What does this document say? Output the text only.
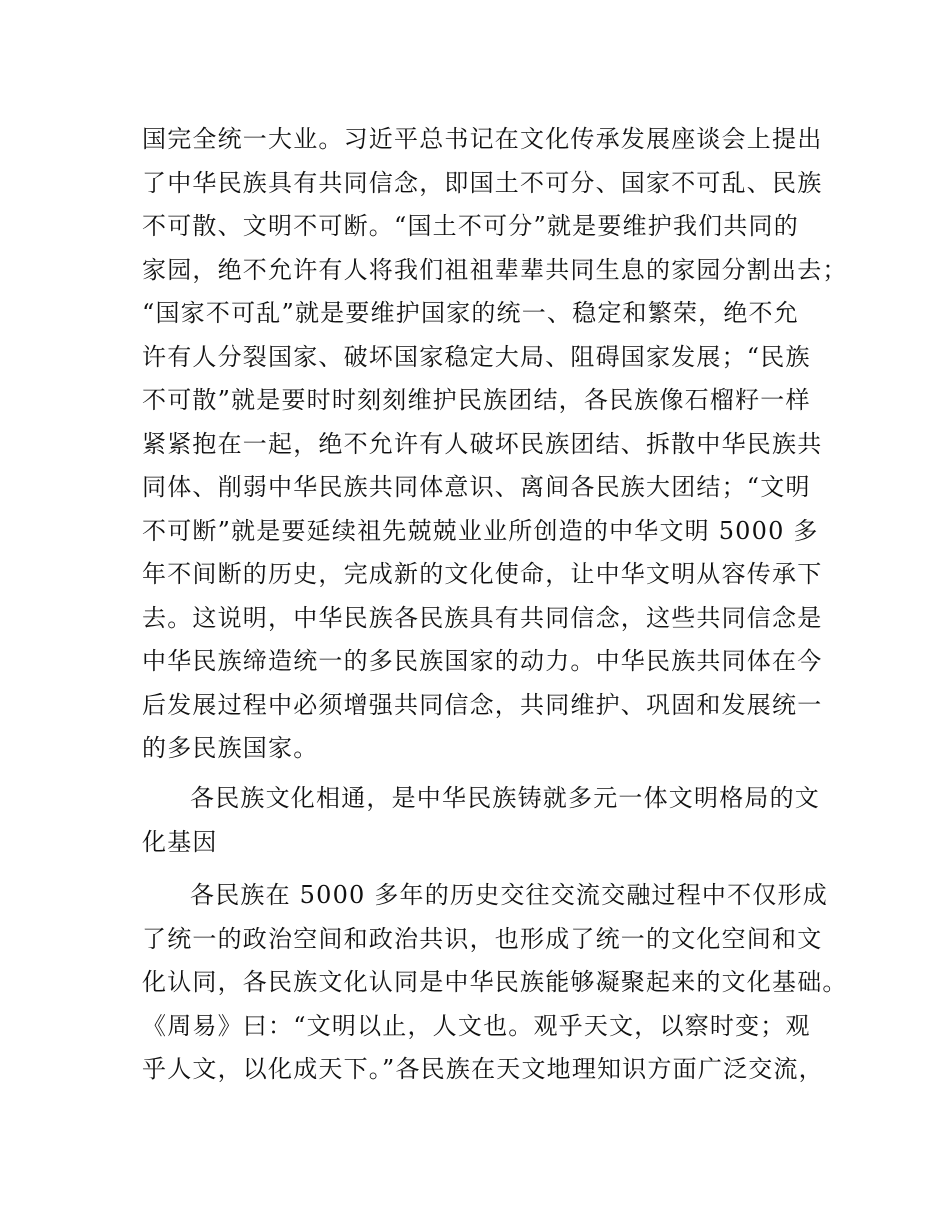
国完全统一大业。习近平总书记在文化传承发展座谈会上提出
了中华民族具有共同信念，即国土不可分、国家不可乱、民族
不可散、文明不可断。“国土不可分”就是要维护我们共同的
家园，绝不允许有人将我们祖祖辈辈共同生息的家园分割出去；
“国家不可乱”就是要维护国家的统一、稳定和繁荣，绝不允
许有人分裂国家、破坏国家稳定大局、阻碍国家发展；“民族
不可散”就是要时时刻刻维护民族团结，各民族像石榴籽一样
紧紧抱在一起，绝不允许有人破坏民族团结、拆散中华民族共
同体、削弱中华民族共同体意识、离间各民族大团结；“文明
不可断”就是要延续祖先兢兢业业所创造的中华文明 5000 多
年不间断的历史，完成新的文化使命，让中华文明从容传承下
去。这说明，中华民族各民族具有共同信念，这些共同信念是
中华民族缔造统一的多民族国家的动力。中华民族共同体在今
后发展过程中必须增强共同信念，共同维护、巩固和发展统一
的多民族国家。
各民族文化相通，是中华民族铸就多元一体文明格局的文
化基因
各民族在 5000 多年的历史交往交流交融过程中不仅形成
了统一的政治空间和政治共识，也形成了统一的文化空间和文
化认同，各民族文化认同是中华民族能够凝聚起来的文化基础。
《周易》曰：“文明以止，人文也。观乎天文，以察时变；观
乎人文，以化成天下。”各民族在天文地理知识方面广泛交流，
